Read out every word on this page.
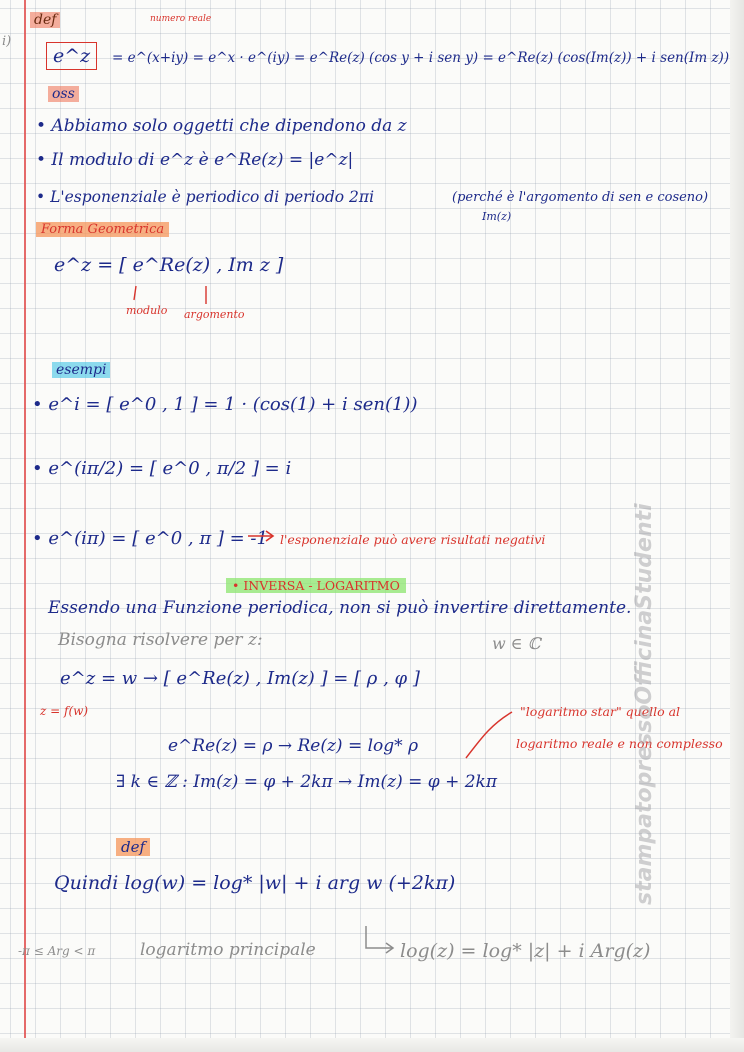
i)
def	numero reale
e^z	= e^(x+iy) = e^x · e^(iy) = e^Re(z) (cos y + i sen y) = e^Re(z) (cos(Im(z)) + i sen(Im z))
oss
• Abbiamo solo oggetti che dipendono da z
• Il modulo di e^z è e^Re(z) = |e^z|
• L'esponenziale è periodico di periodo 2πi	(perché è l'argomento di sen e coseno)
Im(z)
Forma Geometrica
e^z = [ e^Re(z) , Im z ]
modulo argomento
esempi
• e^i = [ e^0 , 1 ] = 1 · (cos(1) + i sen(1))
• e^(iπ/2) = [ e^0 , π/2 ] = i
• e^(iπ) = [ e^0 , π ] = -1 l'esponenziale può avere risultati negativi
• INVERSA - LOGARITMO
Essendo una Funzione periodica, non si può invertire direttamente.
Bisogna risolvere per z:	w ∈ ℂ
e^z = w → [ e^Re(z) , Im(z) ] = [ ρ , φ ]
z = f(w)
e^Re(z) = ρ → Re(z) = log* ρ
"logaritmo star" quello al
logaritmo reale e non complesso
∃ k ∈ ℤ : Im(z) = φ + 2kπ → Im(z) = φ + 2kπ
def
Quindi log(w) = log* |w| + i arg w (+2kπ)
-π ≤ Arg < π	logaritmo principale	log(z) = log* |z| + i Arg(z)
stampatopressoOfficinaStudenti
